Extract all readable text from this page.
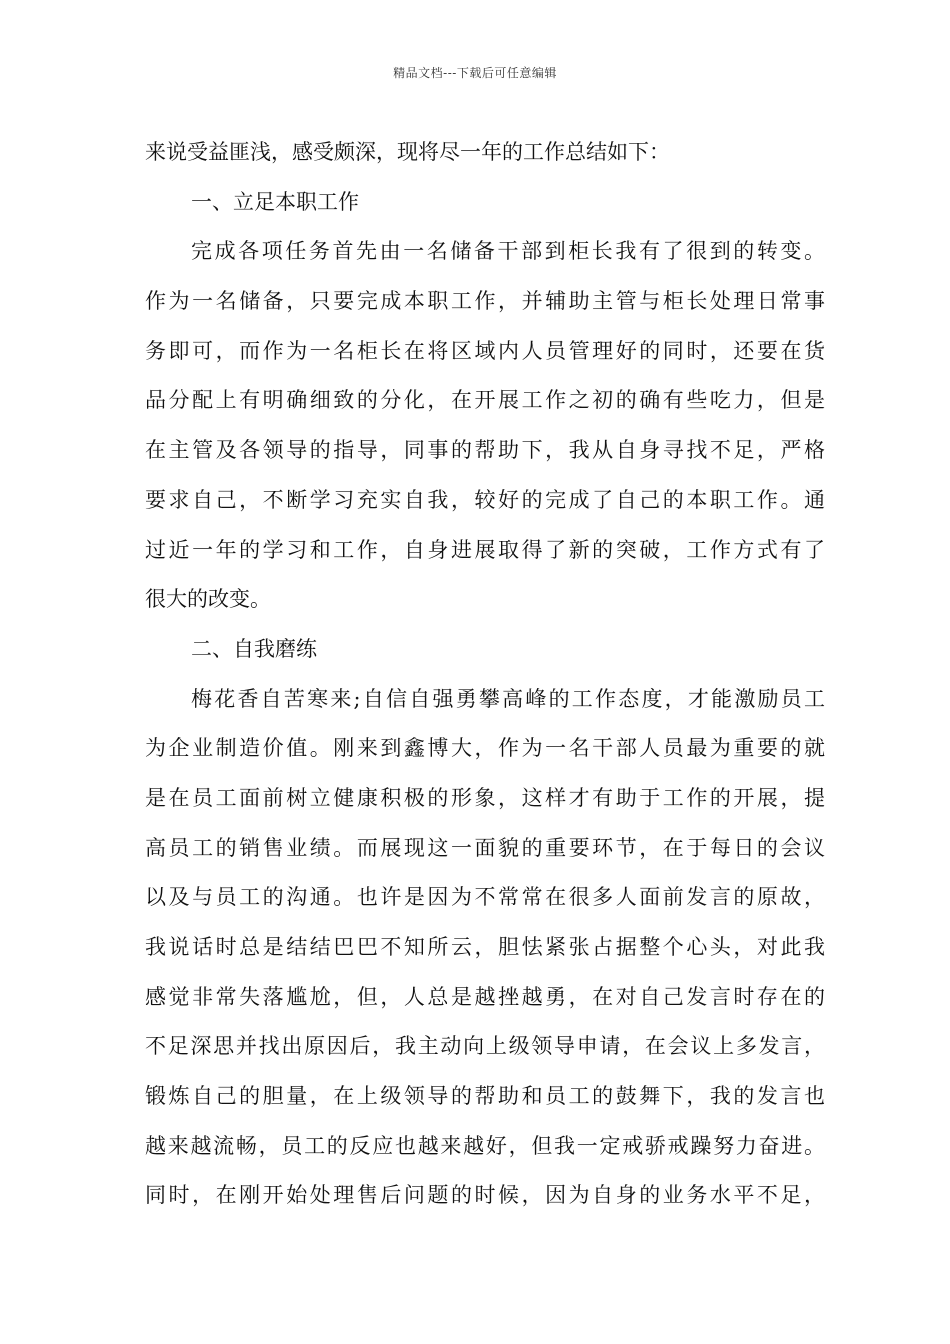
精品文档---下载后可任意编辑
来说受益匪浅，感受颇深，现将尽一年的工作总结如下：
一、立足本职工作
完成各项任务首先由一名储备干部到柜长我有了很到的转变。
作为一名储备，只要完成本职工作，并辅助主管与柜长处理日常事
务即可，而作为一名柜长在将区域内人员管理好的同时，还要在货
品分配上有明确细致的分化，在开展工作之初的确有些吃力，但是
在主管及各领导的指导，同事的帮助下，我从自身寻找不足，严格
要求自己，不断学习充实自我，较好的完成了自己的本职工作。通
过近一年的学习和工作，自身进展取得了新的突破，工作方式有了
很大的改变。
二、自我磨练
梅花香自苦寒来;自信自强勇攀高峰的工作态度，才能激励员工
为企业制造价值。刚来到鑫博大，作为一名干部人员最为重要的就
是在员工面前树立健康积极的形象，这样才有助于工作的开展，提
高员工的销售业绩。而展现这一面貌的重要环节，在于每日的会议
以及与员工的沟通。也许是因为不常常在很多人面前发言的原故，
我说话时总是结结巴巴不知所云，胆怯紧张占据整个心头，对此我
感觉非常失落尴尬，但，人总是越挫越勇，在对自己发言时存在的
不足深思并找出原因后，我主动向上级领导申请，在会议上多发言，
锻炼自己的胆量，在上级领导的帮助和员工的鼓舞下，我的发言也
越来越流畅，员工的反应也越来越好，但我一定戒骄戒躁努力奋进。
同时，在刚开始处理售后问题的时候，因为自身的业务水平不足，
